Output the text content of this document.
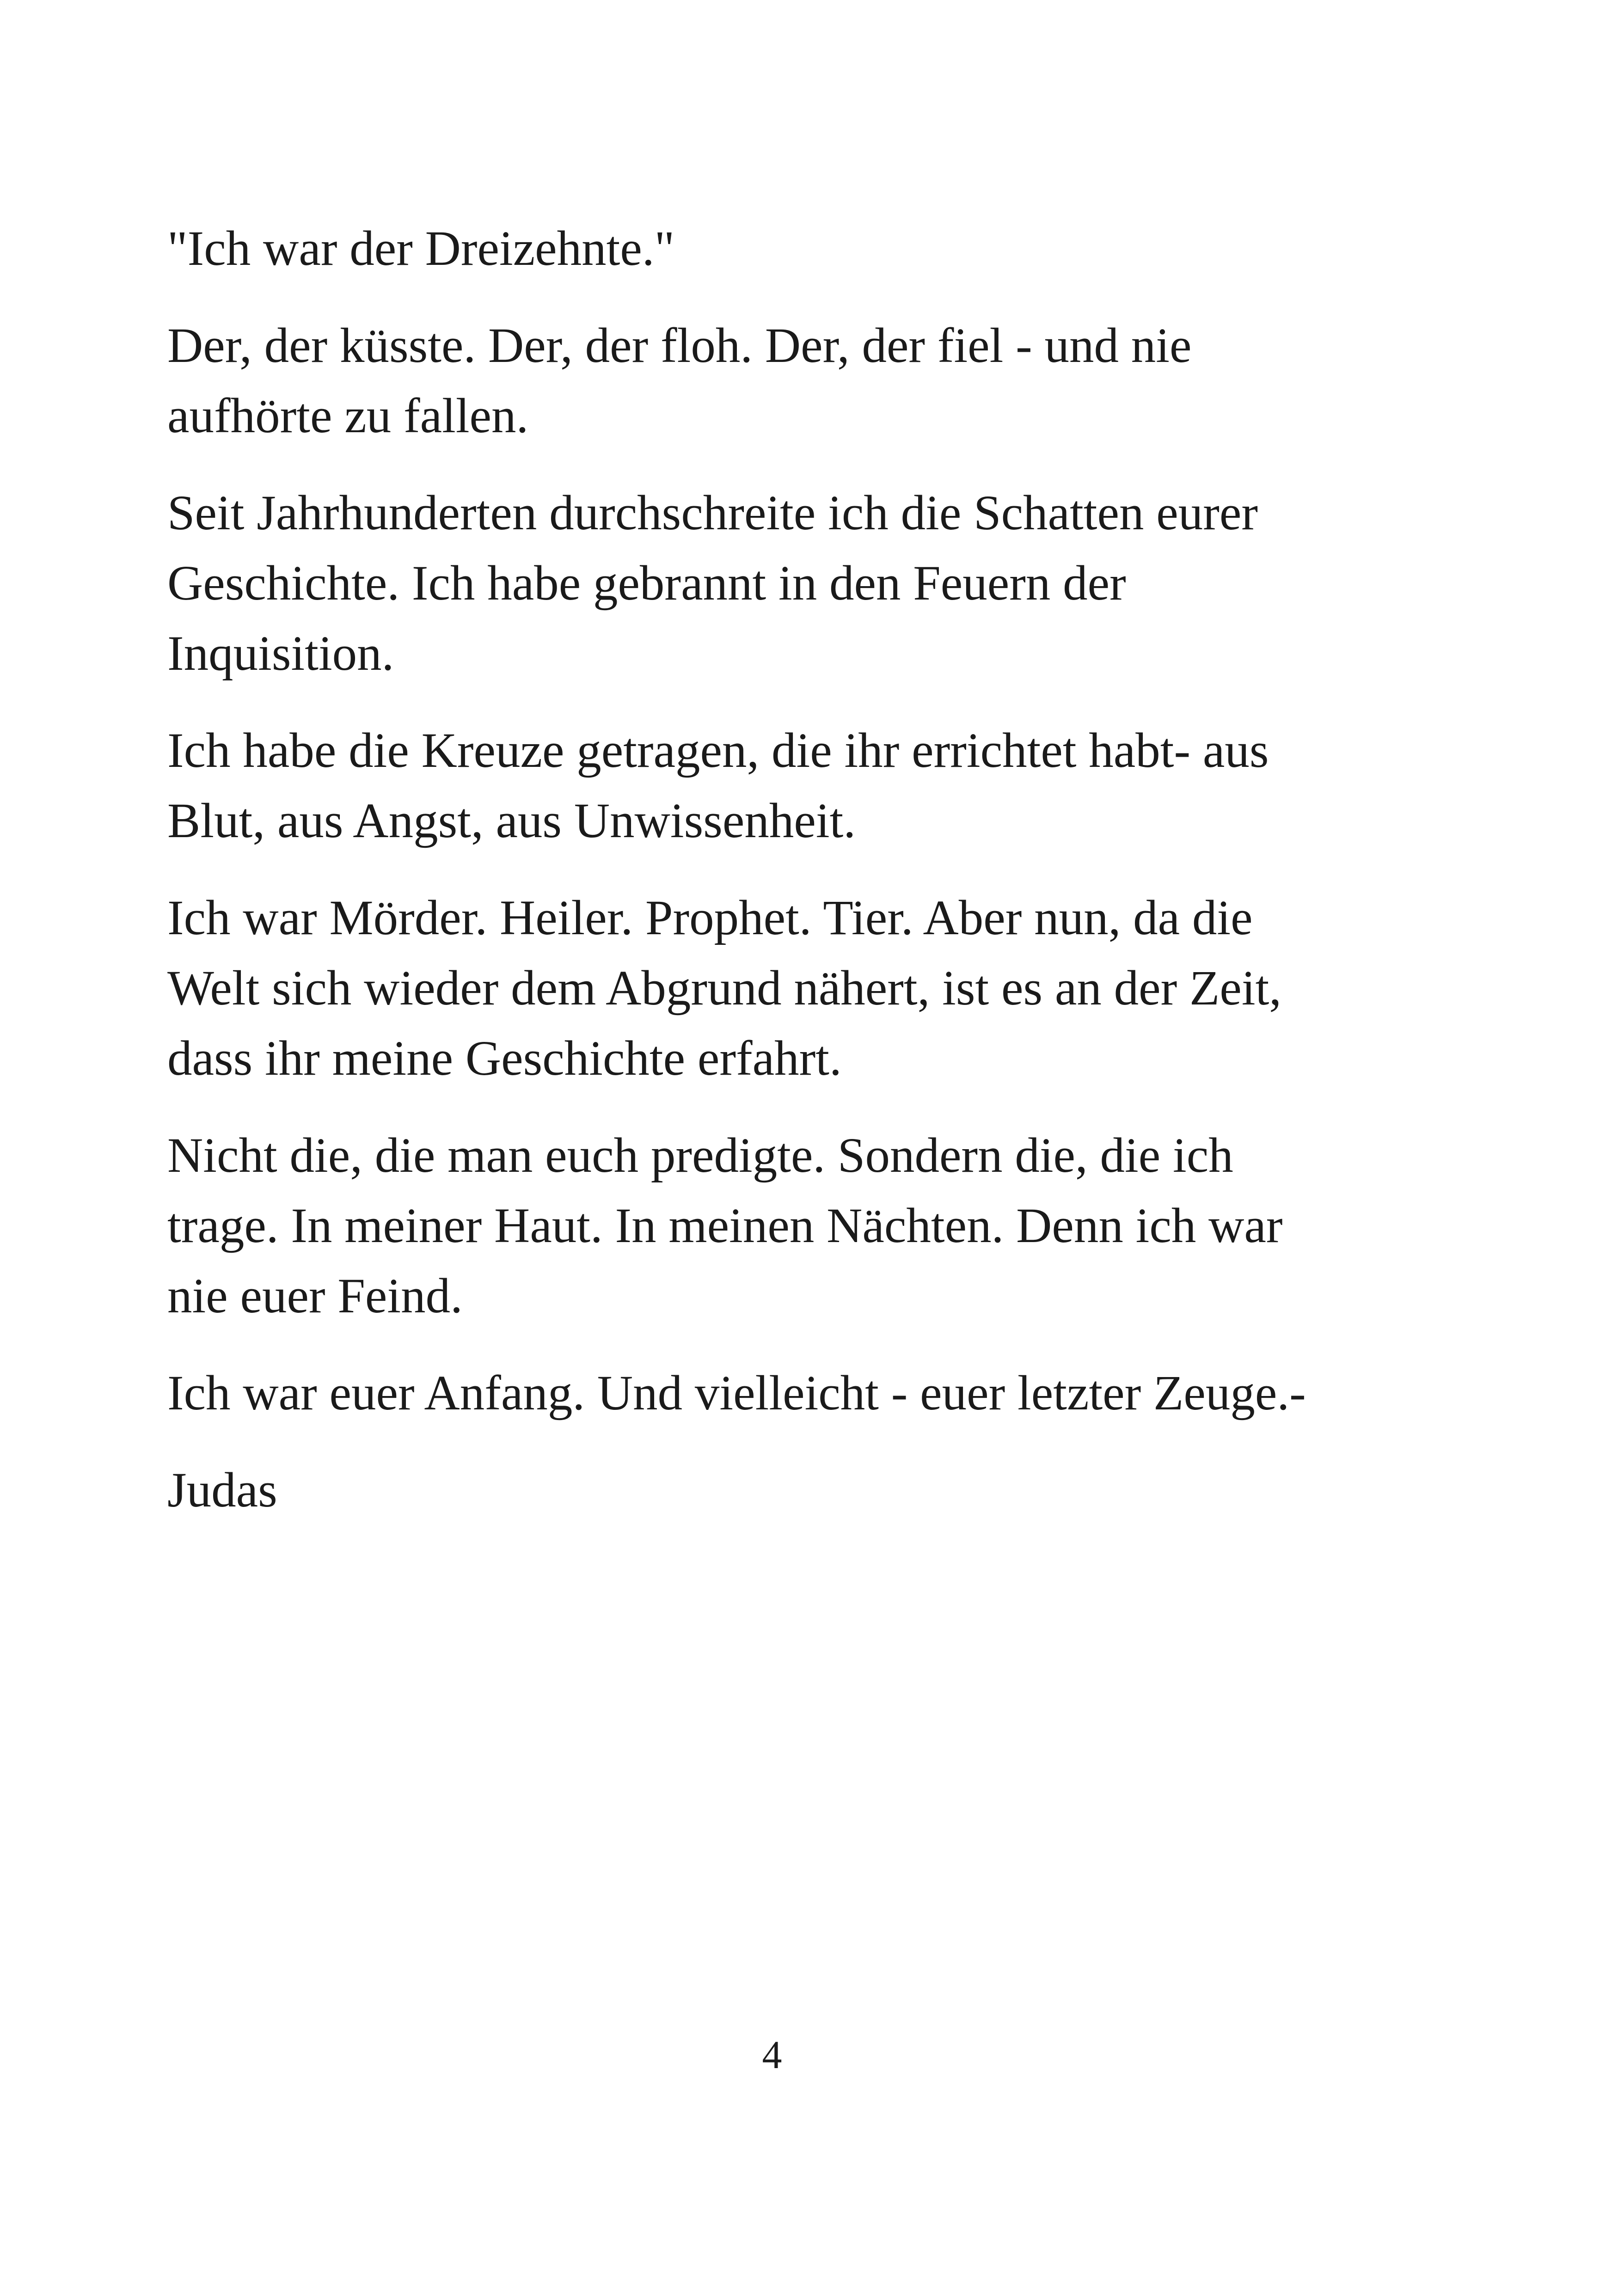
"Ich war der Dreizehnte."

Der, der küsste. Der, der floh. Der, der fiel - und nie
aufhörte zu fallen.

Seit Jahrhunderten durchschreite ich die Schatten eurer
Geschichte. Ich habe gebrannt in den Feuern der
Inquisition.

Ich habe die Kreuze getragen, die ihr errichtet habt- aus
Blut, aus Angst, aus Unwissenheit.

Ich war Mörder. Heiler. Prophet. Tier. Aber nun, da die
Welt sich wieder dem Abgrund nähert, ist es an der Zeit,
dass ihr meine Geschichte erfahrt.

Nicht die, die man euch predigte. Sondern die, die ich
trage. In meiner Haut. In meinen Nächten. Denn ich war
nie euer Feind.

Ich war euer Anfang. Und vielleicht - euer letzter Zeuge.-

Judas

4
